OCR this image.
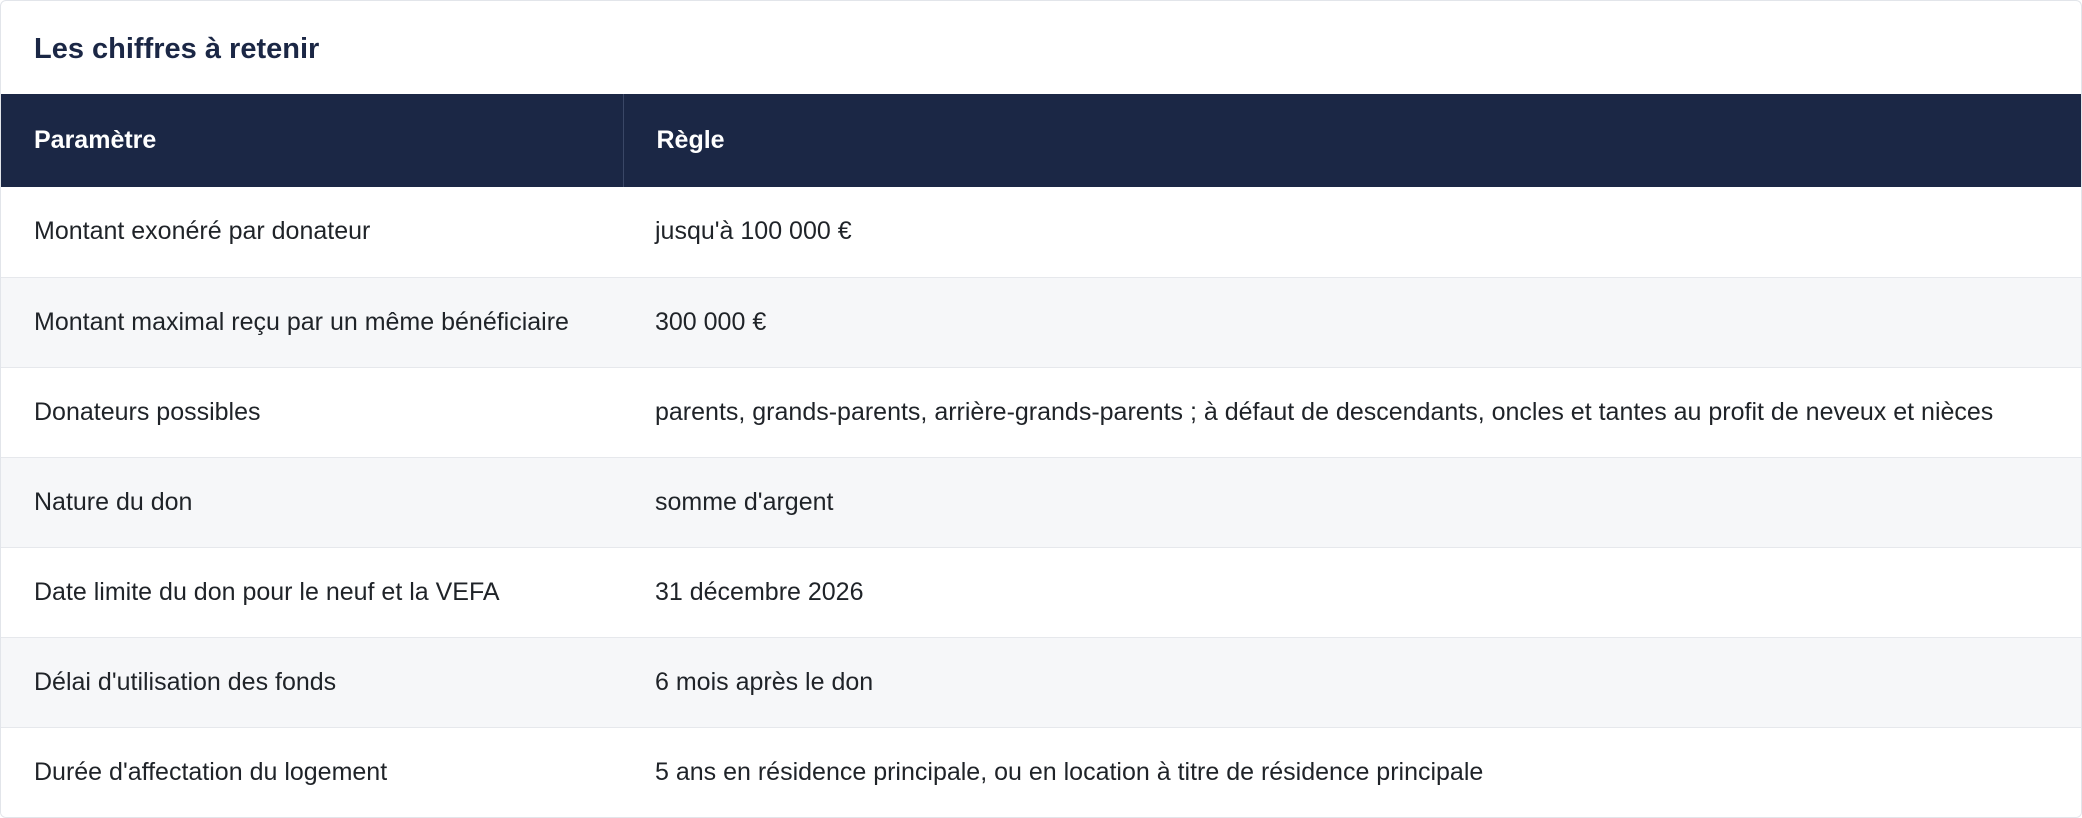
Les chiffres à retenir
Paramètre	Règle
Montant exonéré par donateur	jusqu'à 100 000 €
Montant maximal reçu par un même bénéficiaire	300 000 €
Donateurs possibles	parents, grands-parents, arrière-grands-parents ; à défaut de descendants, oncles et tantes au profit de neveux et nièces
Nature du don	somme d'argent
Date limite du don pour le neuf et la VEFA	31 décembre 2026
Délai d'utilisation des fonds	6 mois après le don
Durée d'affectation du logement	5 ans en résidence principale, ou en location à titre de résidence principale
